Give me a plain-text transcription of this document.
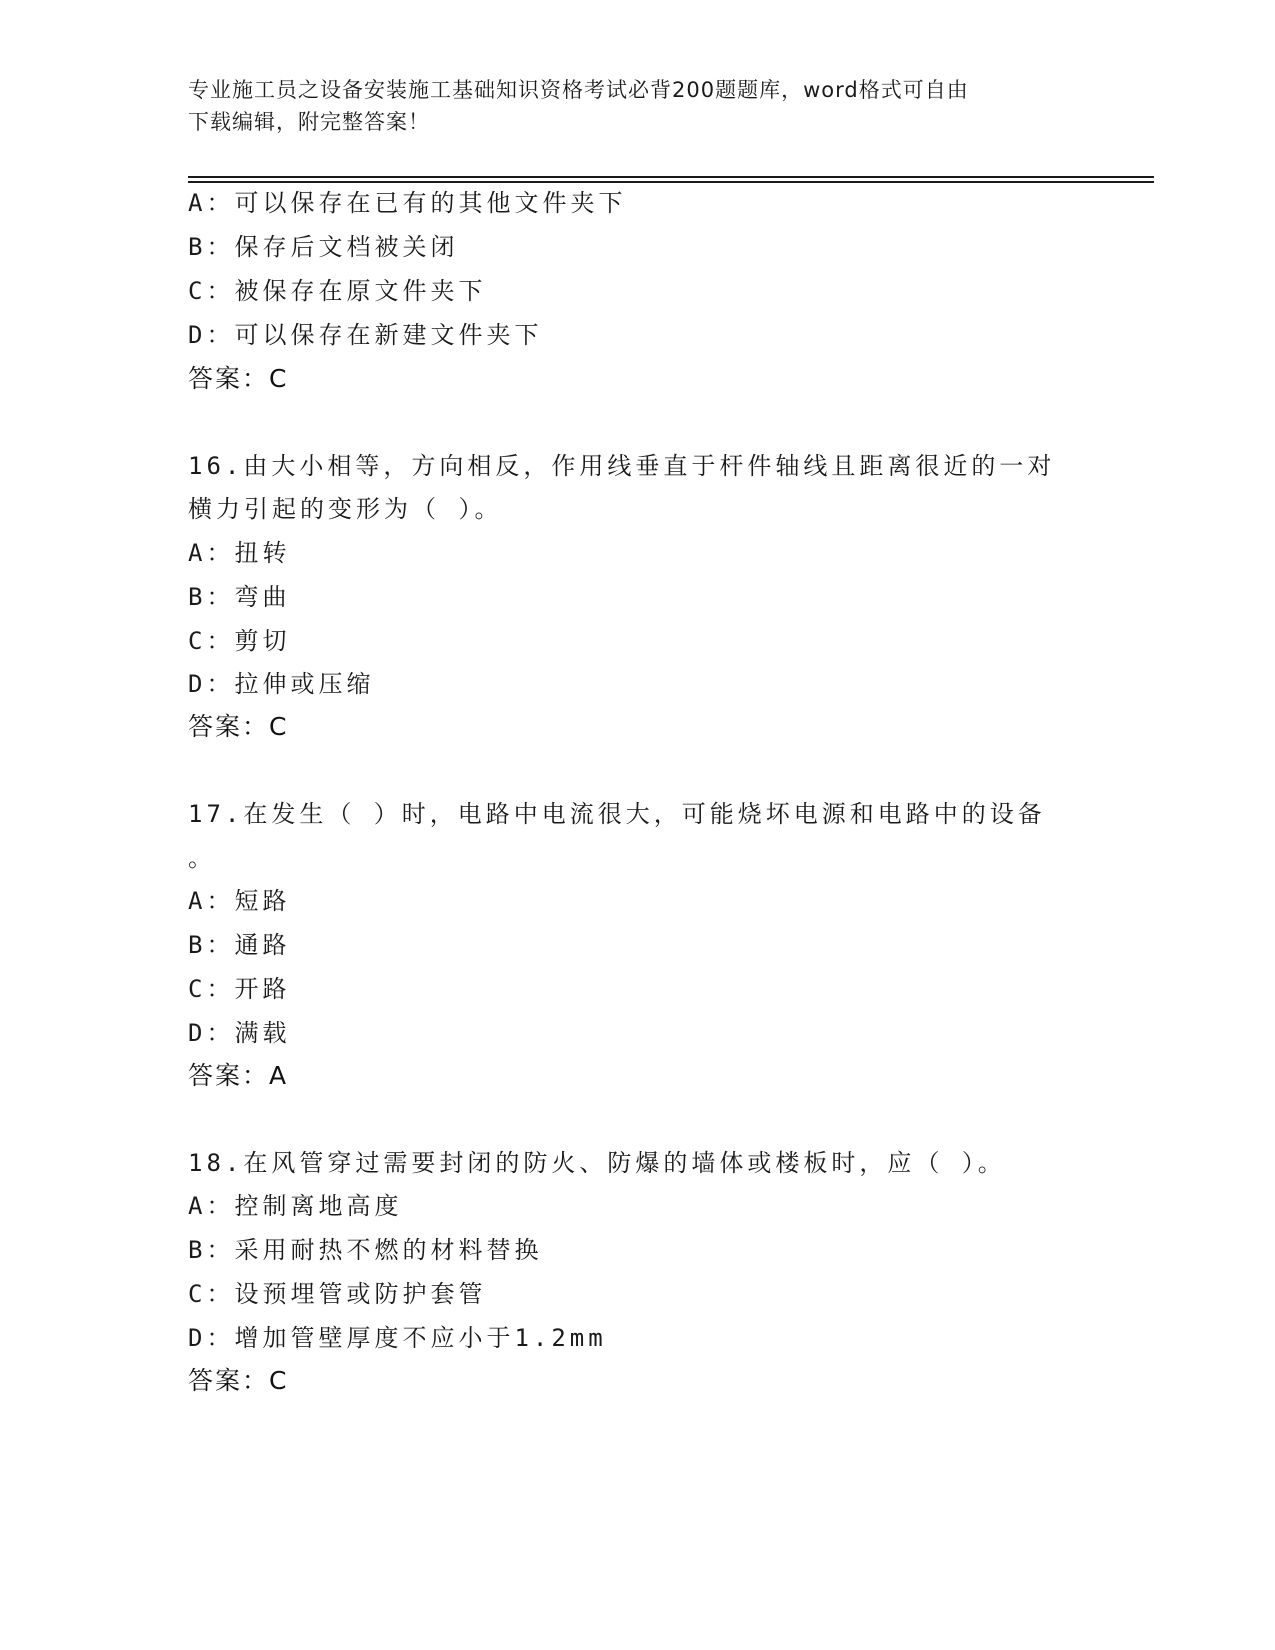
专业施工员之设备安装施工基础知识资格考试必背200题题库，word格式可自由
下载编辑，附完整答案！
A：可以保存在已有的其他文件夹下
B：保存后文档被关闭
C：被保存在原文件夹下
D：可以保存在新建文件夹下
答案：C
16.由大小相等，方向相反，作用线垂直于杆件轴线且距离很近的一对
横力引起的变形为（ ）。
A：扭转
B：弯曲
C：剪切
D：拉伸或压缩
答案：C
17.在发生（ ）时，电路中电流很大，可能烧坏电源和电路中的设备
。
A：短路
B：通路
C：开路
D：满载
答案：A
18.在风管穿过需要封闭的防火、防爆的墙体或楼板时，应（ ）。
A：控制离地高度
B：采用耐热不燃的材料替换
C：设预埋管或防护套管
D：增加管壁厚度不应小于1.2mm
答案：C
